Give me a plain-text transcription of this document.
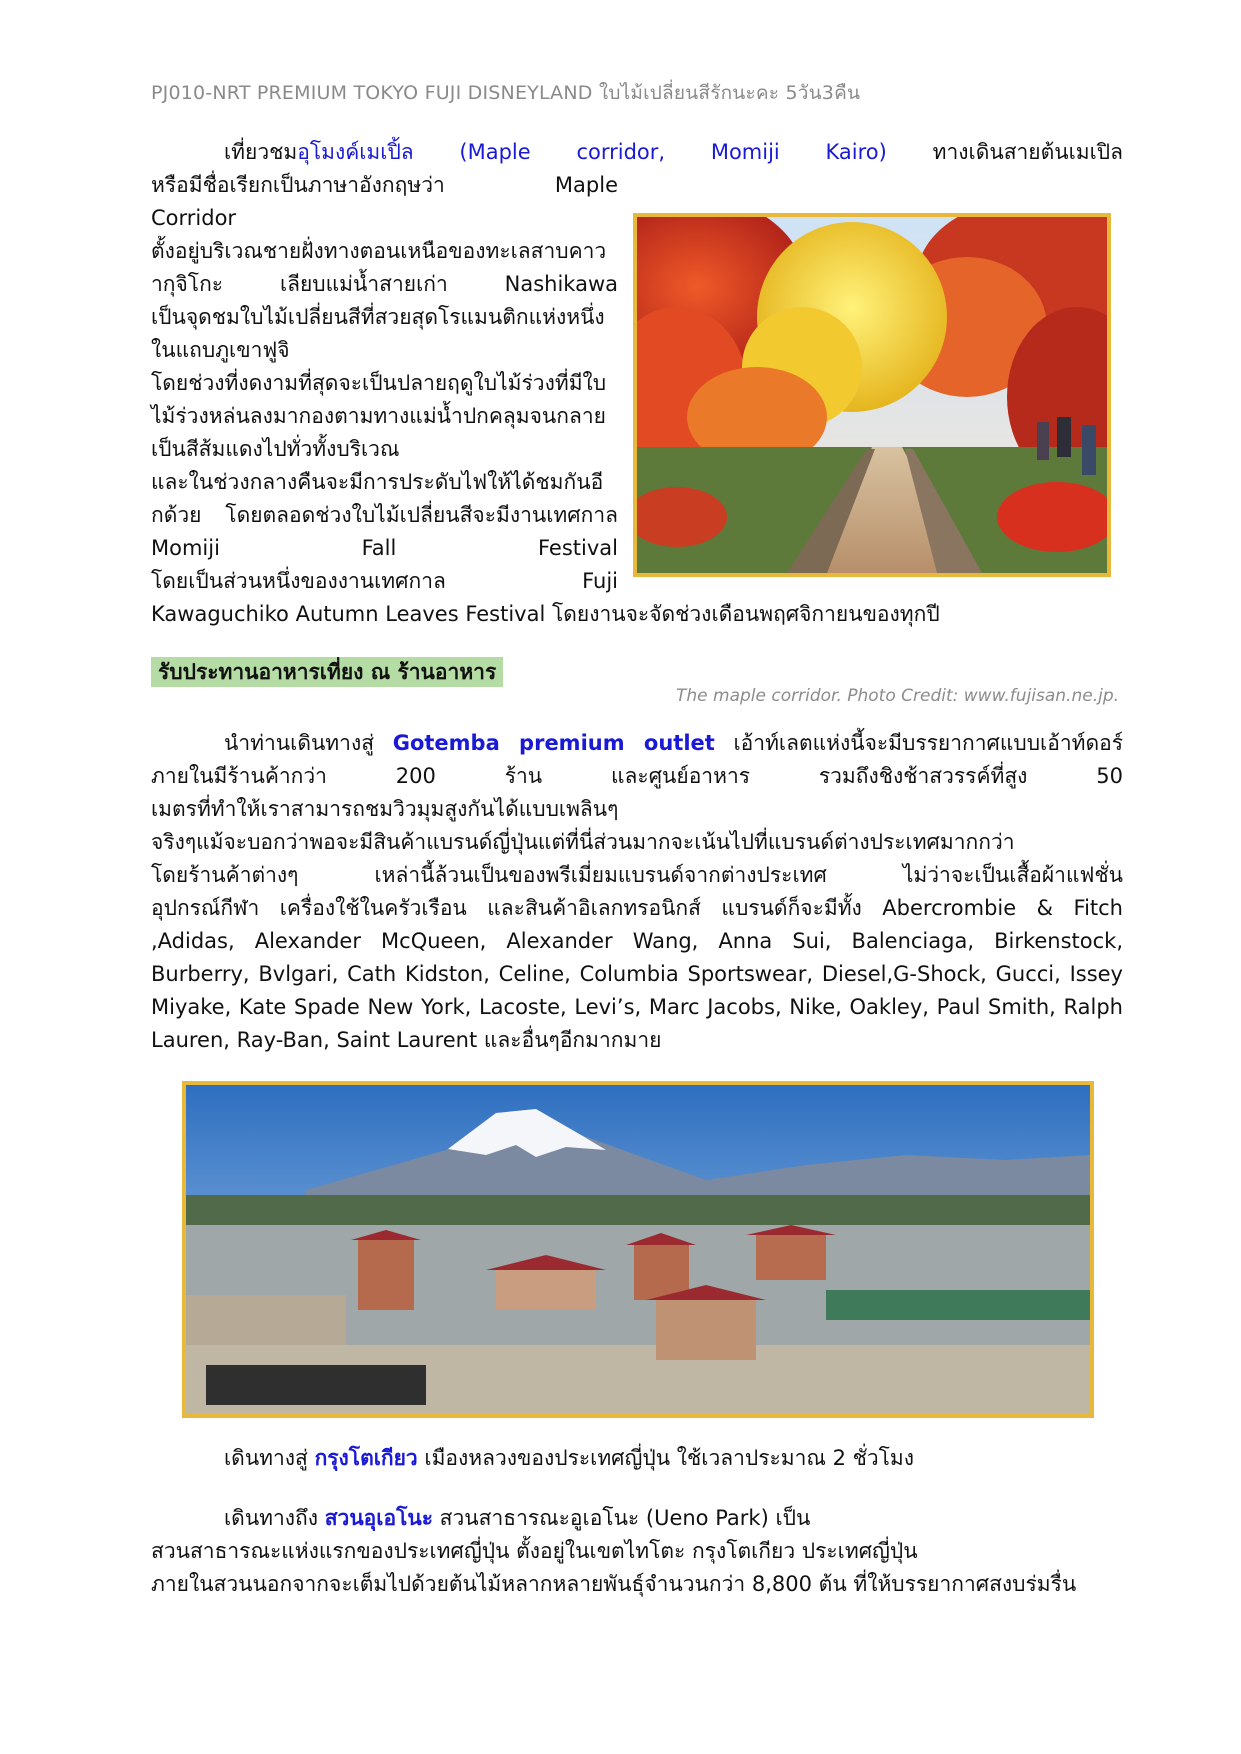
PJ010-NRT PREMIUM TOKYO FUJI DISNEYLAND ใบไม้เปลี่ยนสีรักนะคะ 5วัน3คืน
เที่ยวชมอุโมงค์เมเปิ้ล (Maple corridor, Momiji Kairo) ทางเดินสายต้นเมเปิล
หรือมีชื่อเรียกเป็นภาษาอังกฤษว่า Maple
Corridor
ตั้งอยู่บริเวณชายฝั่งทางตอนเหนือของทะเลสาบคาว
ากุจิโกะ เลียบแม่น้ำสายเก่า Nashikawa
เป็นจุดชมใบไม้เปลี่ยนสีที่สวยสุดโรแมนติกแห่งหนึ่ง
ในแถบภูเขาฟูจิ
โดยช่วงที่งดงามที่สุดจะเป็นปลายฤดูใบไม้ร่วงที่มีใบ
ไม้ร่วงหล่นลงมากองตามทางแม่น้ำปกคลุมจนกลาย
เป็นสีส้มแดงไปทั่วทั้งบริเวณ
และในช่วงกลางคืนจะมีการประดับไฟให้ได้ชมกันอี
กด้วย โดยตลอดช่วงใบไม้เปลี่ยนสีจะมีงานเทศกาล
Momiji Fall Festival
โดยเป็นส่วนหนึ่งของงานเทศกาล Fuji
Kawaguchiko Autumn Leaves Festival โดยงานจะจัดช่วงเดือนพฤศจิกายนของทุกปี
รับประทานอาหารเที่ยง ณ ร้านอาหาร
The maple corridor. Photo Credit: www.fujisan.ne.jp.
นำท่านเดินทางสู่ Gotemba premium outlet เอ้าท์เลตแห่งนี้จะมีบรรยากาศแบบเอ้าท์ดอร์
ภายในมีร้านค้ากว่า 200 ร้าน และศูนย์อาหาร รวมถึงชิงช้าสวรรค์ที่สูง 50
เมตรที่ทำให้เราสามารถชมวิวมุมสูงกันได้แบบเพลินๆ
จริงๆแม้จะบอกว่าพอจะมีสินค้าแบรนด์ญี่ปุ่นแต่ที่นี่ส่วนมากจะเน้นไปที่แบรนด์ต่างประเทศมากกว่า
โดยร้านค้าต่างๆ เหล่านี้ล้วนเป็นของพรีเมี่ยมแบรนด์จากต่างประเทศ ไม่ว่าจะเป็นเสื้อผ้าแฟชั่น
อุปกรณ์กีฬา เครื่องใช้ในครัวเรือน และสินค้าอิเลกทรอนิกส์ แบรนด์ก็จะมีทั้ง Abercrombie & Fitch
,Adidas, Alexander McQueen, Alexander Wang, Anna Sui, Balenciaga, Birkenstock,
Burberry, Bvlgari, Cath Kidston, Celine, Columbia Sportswear, Diesel,G-Shock, Gucci, Issey
Miyake, Kate Spade New York, Lacoste, Levi’s, Marc Jacobs, Nike, Oakley, Paul Smith, Ralph
Lauren, Ray-Ban, Saint Laurent และอื่นๆอีกมากมาย
เดินทางสู่ กรุงโตเกียว เมืองหลวงของประเทศญี่ปุ่น ใช้เวลาประมาณ 2 ชั่วโมง
เดินทางถึง สวนอุเอโนะ สวนสาธารณะอูเอโนะ (Ueno Park) เป็น
สวนสาธารณะแห่งแรกของประเทศญี่ปุ่น ตั้งอยู่ในเขตไทโตะ กรุงโตเกียว ประเทศญี่ปุ่น
ภายในสวนนอกจากจะเต็มไปด้วยต้นไม้หลากหลายพันธุ์จำนวนกว่า 8,800 ต้น ที่ให้บรรยากาศสงบร่มรื่น
